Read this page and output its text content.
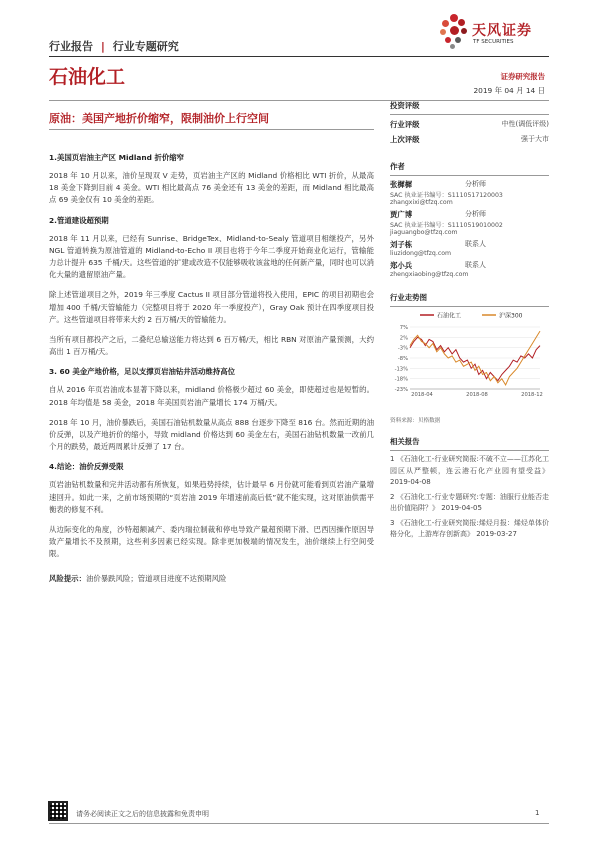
行业报告 | 行业专题研究
天风证券
TF SECURITIES
石油化工	证券研究报告
2019 年 04 月 14 日
原油：美国产地折价缩窄，限制油价上行空间
1.美国页岩油主产区 Midland 折价缩窄

2018 年 10 月以来，油价呈现双 V 走势，页岩油主产区的 Midland 价格相比 WTI 折价，从最高 18 美金下降到目前 4 美金。WTI 相比最高点 76 美金还有 13 美金的差距，而 Midland 相比最高点 69 美金仅有 10 美金的差距。

2.管道建设超预期

2018 年 11 月以来，已经有 Sunrise、BridgeTex、Midland-to-Sealy 管道项目相继投产，另外 NGL 管道转换为原油管道的 Midland-to-Echo II 项目也将于今年二季度开始商业化运行，管输能力总计提升 635 千桶/天。这些管道的扩建或改造不仅能够吸收该盆地的任何新产量，同时也可以消化大量的遗留原油产量。

除上述管道项目之外，2019 年三季度 Cactus II 项目部分管道将投入使用，EPIC 的项目初期也会增加 400 千桶/天管输能力（完整项目将于 2020 年一季度投产），Gray Oak 预计在四季度项目投产。这些管道项目将带来大约 2 百万桶/天的管输能力。

当所有项目都投产之后，二叠纪总输送能力将达到 6 百万桶/天，相比 RBN 对原油产量预测，大约高出 1 百万桶/天。

3. 60 美金产地价格，足以支撑页岩油钻井活动维持高位

自从 2016 年页岩油成本显著下降以来，midland 价格极少超过 60 美金，即使超过也是短暂的。2018 年均值是 58 美金，2018 年美国页岩油产量增长 174 万桶/天。

2018 年 10 月，油价暴跌后，美国石油钻机数量从高点 888 台逐步下降至 816 台。然而近期的油价反弹，以及产地折价的缩小，导致 midland 价格达到 60 美金左右，美国石油钻机数量一改前几个月的跌势，最近两周累计反弹了 17 台。

4.结论：油价反弹受限

页岩油钻机数量和完井活动都有所恢复，如果趋势持续，估计最早 6 月份就可能看到页岩油产量增速回升。如此一来，之前市场预期的“页岩油 2019 年增速前高后低”就不能实现，这对原油供需平衡表的修复不利。

从边际变化的角度，沙特超额减产、委内瑞拉制裁和停电导致产量超预期下滑、巴西因操作原因导致产量增长不及预期，这些利多因素已经实现。除非更加极端的情况发生，油价继续上行空间受限。

风险提示：油价暴跌风险；管道项目进度不达预期风险

投资评级
行业评级	中性(调低评级)
上次评级	强于大市
作者
张樨樨	分析师
SAC 执业证书编号：S1110517120003
zhangxixi@tfzq.com
贾广博	分析师
SAC 执业证书编号：S1110519010002
jiaguangbo@tfzq.com
刘子栋	联系人
liuzidong@tfzq.com
郑小兵	联系人
zhengxiaobing@tfzq.com
行业走势图
石油化工	沪深300
7%
2%
-3%
-8%
-13%
-18%
-23%
2018-04	2018-08	2018-12
资料来源：贝格数据
相关报告
1 《石油化工-行业研究简报:不破不立——江苏化工园区从严整顿，连云港石化产业园有望受益》 2019-04-08
2 《石油化工-行业专题研究:专题：油服行业能否走出价值陷阱？》 2019-04-05
3 《石油化工-行业研究简报:烯烃月报：烯烃单体价格分化，上游库存创新高》 2019-03-27
请务必阅读正文之后的信息披露和免责申明	1
